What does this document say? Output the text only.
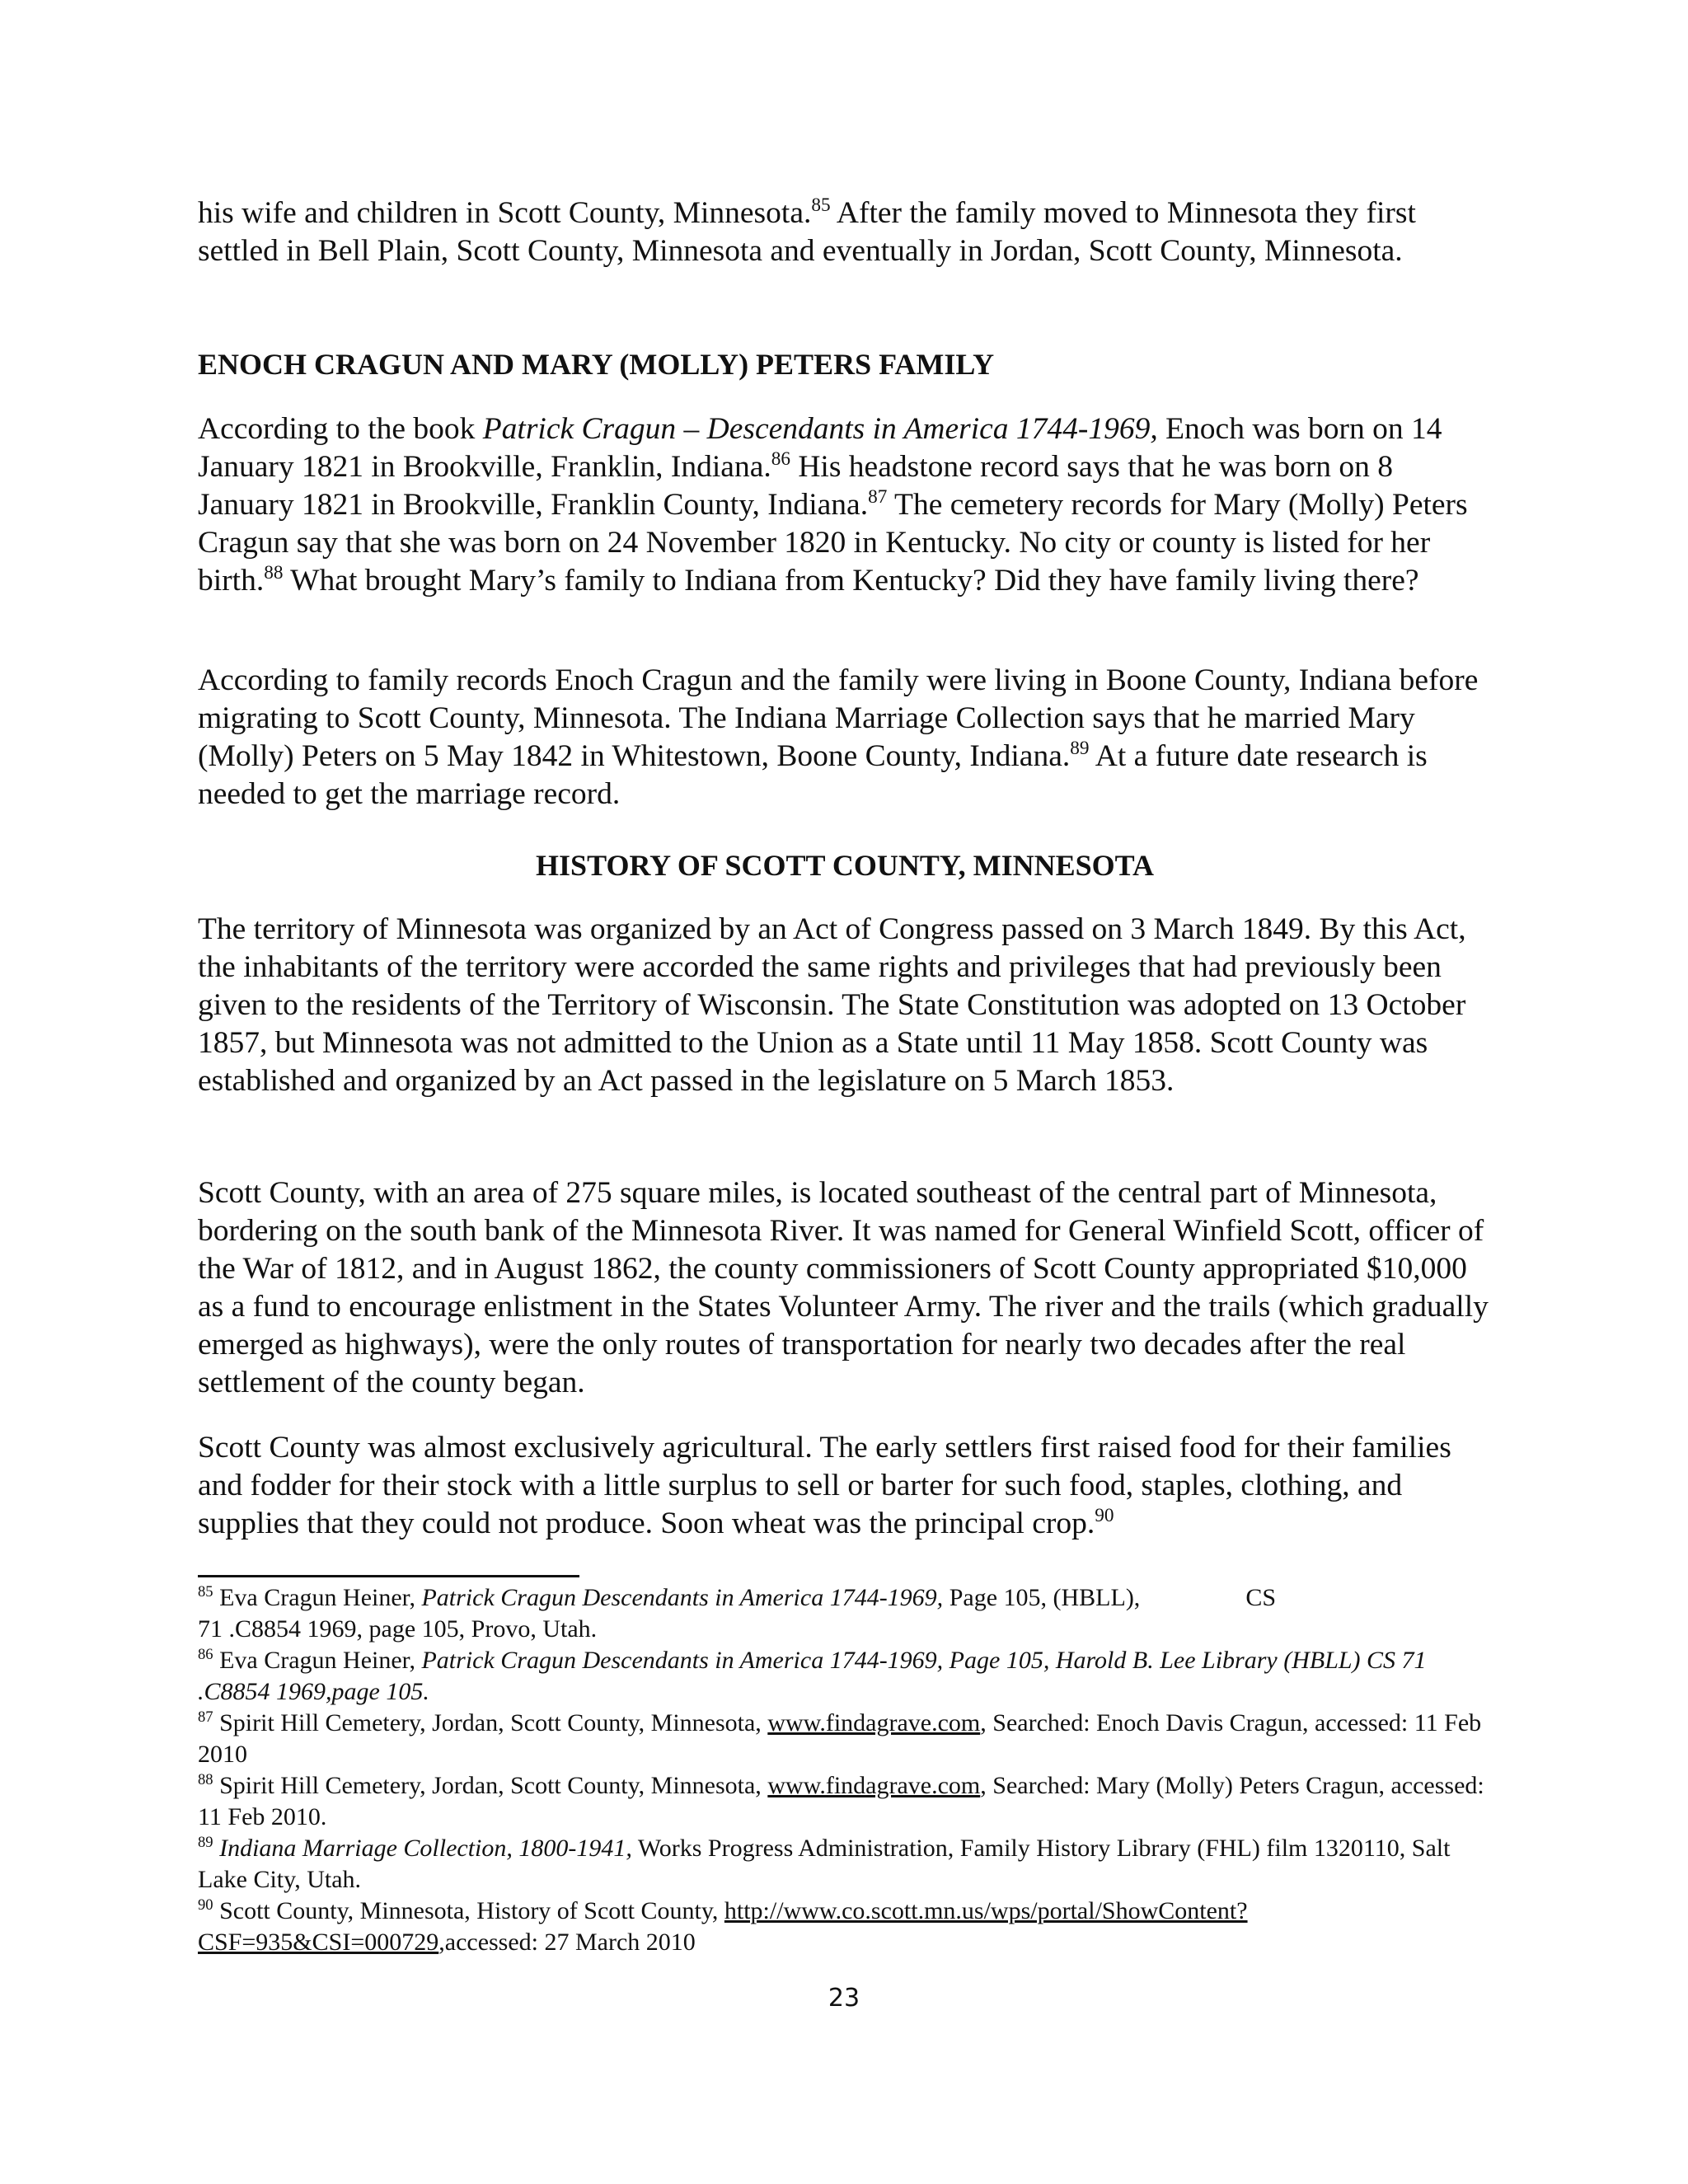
his wife and children in Scott County, Minnesota.$^{85}$ After the family moved to Minnesota they first settled in Bell Plain, Scott County, Minnesota and eventually in Jordan, Scott County, Minnesota.

ENOCH CRAGUN AND MARY (MOLLY) PETERS FAMILY

According to the book Patrick Cragun – Descendants in America 1744-1969, Enoch was born on 14 January 1821 in Brookville, Franklin, Indiana.$^{86}$ His headstone record says that he was born on 8 January 1821 in Brookville, Franklin County, Indiana.$^{87}$ The cemetery records for Mary (Molly) Peters Cragun say that she was born on 24 November 1820 in Kentucky. No city or county is listed for her birth.$^{88}$ What brought Mary’s family to Indiana from Kentucky? Did they have family living there?

According to family records Enoch Cragun and the family were living in Boone County, Indiana before migrating to Scott County, Minnesota. The Indiana Marriage Collection says that he married Mary (Molly) Peters on 5 May 1842 in Whitestown, Boone County, Indiana.$^{89}$ At a future date research is needed to get the marriage record.

HISTORY OF SCOTT COUNTY, MINNESOTA

The territory of Minnesota was organized by an Act of Congress passed on 3 March 1849. By this Act, the inhabitants of the territory were accorded the same rights and privileges that had previously been given to the residents of the Territory of Wisconsin. The State Constitution was adopted on 13 October 1857, but Minnesota was not admitted to the Union as a State until 11 May 1858. Scott County was established and organized by an Act passed in the legislature on 5 March 1853.

Scott County, with an area of 275 square miles, is located southeast of the central part of Minnesota, bordering on the south bank of the Minnesota River. It was named for General Winfield Scott, officer of the War of 1812, and in August 1862, the county commissioners of Scott County appropriated $10,000 as a fund to encourage enlistment in the States Volunteer Army. The river and the trails (which gradually emerged as highways), were the only routes of transportation for nearly two decades after the real settlement of the county began.

Scott County was almost exclusively agricultural. The early settlers first raised food for their families and fodder for their stock with a little surplus to sell or barter for such food, staples, clothing, and supplies that they could not produce. Soon wheat was the principal crop.$^{90}$

$^{85}$ Eva Cragun Heiner, Patrick Cragun Descendants in America 1744-1969, Page 105, (HBLL),	CS
71 .C8854 1969, page 105, Provo, Utah.

$^{86}$ Eva Cragun Heiner, Patrick Cragun Descendants in America 1744-1969, Page 105, Harold B. Lee Library (HBLL) CS 71 .C8854 1969,page 105.

$^{87}$ Spirit Hill Cemetery, Jordan, Scott County, Minnesota, www.findagrave.com, Searched: Enoch Davis Cragun, accessed: 11 Feb 2010

$^{88}$ Spirit Hill Cemetery, Jordan, Scott County, Minnesota, www.findagrave.com, Searched: Mary (Molly) Peters Cragun, accessed: 11 Feb 2010.

$^{89}$ Indiana Marriage Collection, 1800-1941, Works Progress Administration, Family History Library (FHL) film 1320110, Salt Lake City, Utah.

$^{90}$ Scott County, Minnesota, History of Scott County, http://www.co.scott.mn.us/wps/portal/ShowContent?CSF=935&CSI=000729,accessed: 27 March 2010

23
